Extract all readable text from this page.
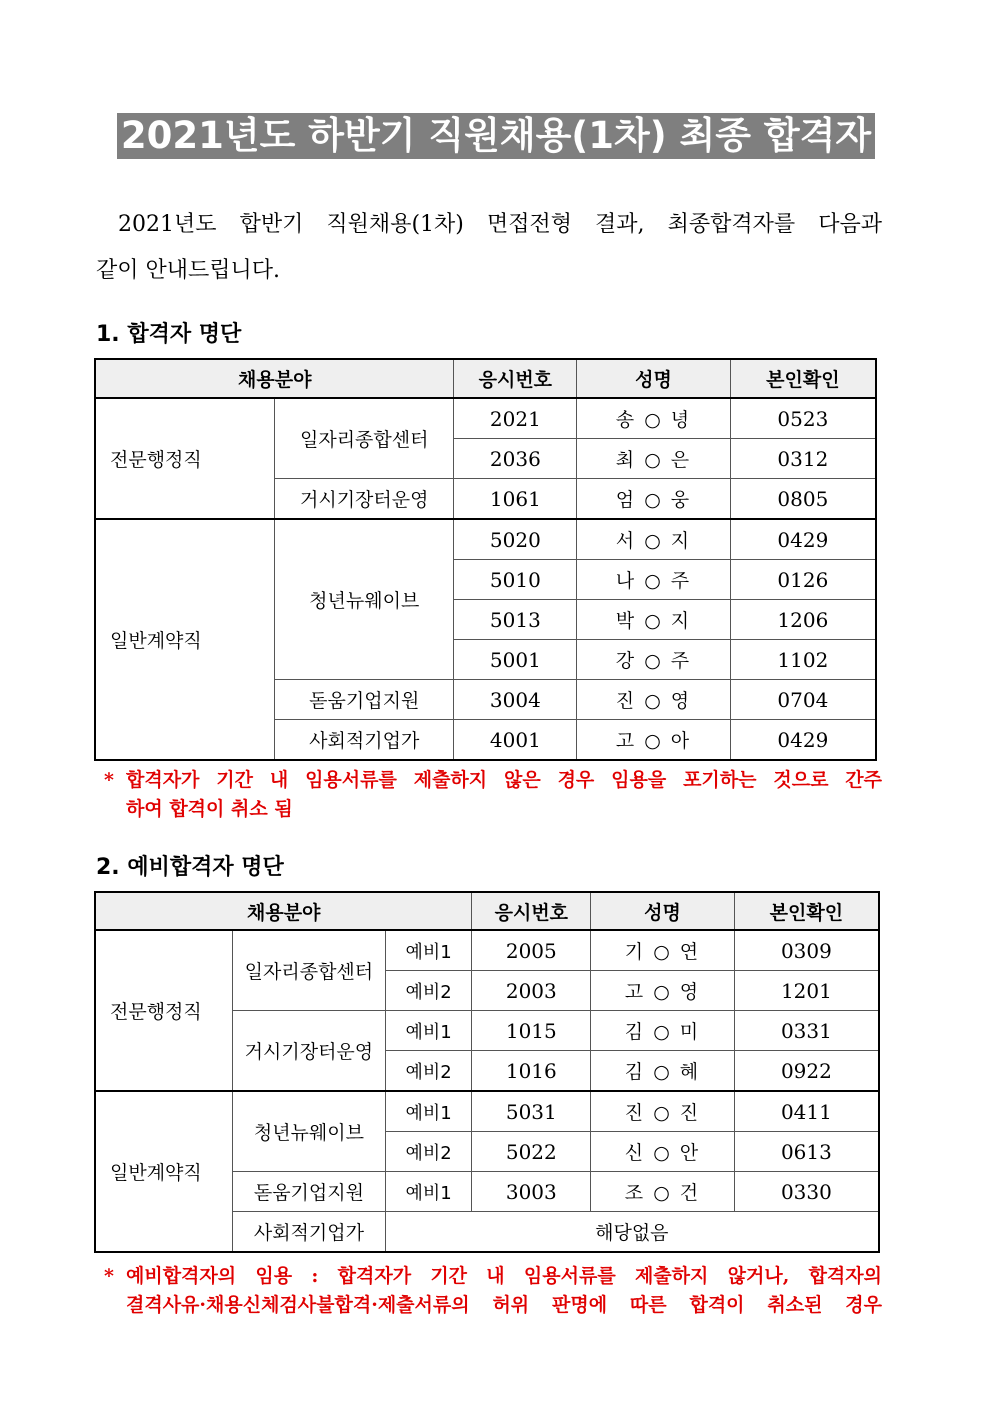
2021년도 하반기 직원채용(1차) 최종 합격자
2021년도 합반기 직원채용(1차) 면접전형 결과, 최종합격자를 다음과
같이 안내드립니다.
1. 합격자 명단
채용분야		응시번호	성명	본인확인
전문행정직	일자리종합센터	2021	송 ○ 녕	0523
		2036	최 ○ 은	0312
	거시기장터운영	1061	엄 ○ 웅	0805
일반계약직	청년뉴웨이브	5020	서 ○ 지	0429
		5010	나 ○ 주	0126
		5013	박 ○ 지	1206
		5001	강 ○ 주	1102
	돋움기업지원	3004	진 ○ 영	0704
	사회적기업가	4001	고 ○ 아	0429
* 합격자가 기간 내 임용서류를 제출하지 않은 경우 임용을 포기하는 것으로 간주
하여 합격이 취소 됨
2. 예비합격자 명단
채용분야			응시번호	성명	본인확인
전문행정직	일자리종합센터	예비1	2005	기 ○ 연	0309
		예비2	2003	고 ○ 영	1201
	거시기장터운영	예비1	1015	김 ○ 미	0331
		예비2	1016	김 ○ 혜	0922
일반계약직	청년뉴웨이브	예비1	5031	진 ○ 진	0411
		예비2	5022	신 ○ 안	0613
	돋움기업지원	예비1	3003	조 ○ 건	0330
	사회적기업가	해당없음			
* 예비합격자의 임용 : 합격자가 기간 내 임용서류를 제출하지 않거나, 합격자의
결격사유·채용신체검사불합격·제출서류의 허위 판명에 따른 합격이 취소된 경우
